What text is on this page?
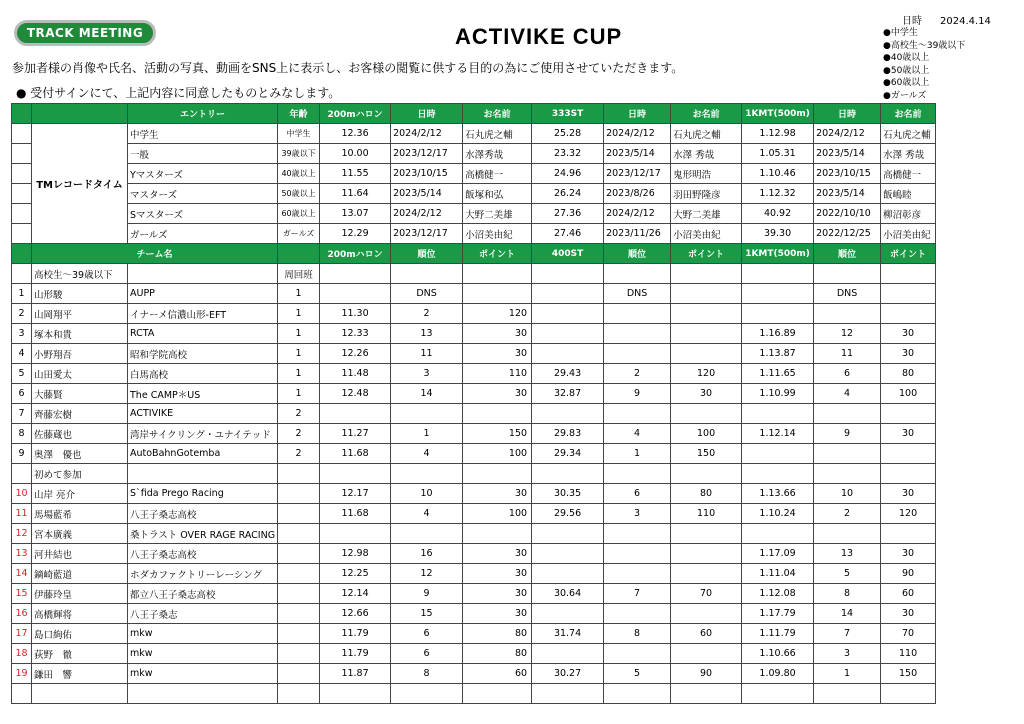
TRACK MEETING	ACTIVIKE CUP
参加者様の肖像や氏名、活動の写真、動画をSNS上に表示し、お客様の閲覧に供する目的の為にご使用させていただきます。
● 受付サインにて、上記内容に同意したものとみなします。
日時 2024.4.14
●中学生
●高校生～39歳以下
●40歳以上
●50歳以上
●60歳以上
●ガールズ
		エントリー	年齢	200mハロン	日時	お名前	333ST	日時	お名前	1KMT(500m)	日時	お名前
	TMレコードタイム	中学生	中学生	12.36	2024/2/12	石丸虎之輔	25.28	2024/2/12	石丸虎之輔	1.12.98	2024/2/12	石丸虎之輔
		一般	39歳以下	10.00	2023/12/17	水澤秀哉	23.32	2023/5/14	水澤 秀哉	1.05.31	2023/5/14	水澤 秀哉
		Yマスターズ	40歳以上	11.55	2023/10/15	高橋健一	24.96	2023/12/17	鬼形明浩	1.10.46	2023/10/15	高橋健一
		マスターズ	50歳以上	11.64	2023/5/14	飯塚和弘	26.24	2023/8/26	羽田野隆彦	1.12.32	2023/5/14	飯嶋睦
		Sマスターズ	60歳以上	13.07	2024/2/12	大野二美雄	27.36	2024/2/12	大野二美雄	40.92	2022/10/10	柳沼彰彦
		ガールズ	ガールズ	12.29	2023/12/17	小沼美由紀	27.46	2023/11/26	小沼美由紀	39.30	2022/12/25	小沼美由紀
	チーム名			200mハロン	順位	ポイント	400ST	順位	ポイント	1KMT(500m)	順位	ポイント
	高校生～39歳以下		周回班									
1	山形駿	AUPP	1		DNS			DNS			DNS	
2	山岡翔平	イナーメ信濃山形-EFT	1	11.30	2	120						
3	塚本和貴	RCTA	1	12.33	13	30				1.16.89	12	30
4	小野翔吾	昭和学院高校	1	12.26	11	30				1.13.87	11	30
5	山田愛太	白馬高校	1	11.48	3	110	29.43	2	120	1.11.65	6	80
6	大藤賢	The CAMP＊US	1	12.48	14	30	32.87	9	30	1.10.99	4	100
7	齊藤宏樹	ACTIVIKE	2									
8	佐藤蔵也	湾岸サイクリング・ユナイテッド	2	11.27	1	150	29.83	4	100	1.12.14	9	30
9	奥澤　優也	AutoBahnGotemba	2	11.68	4	100	29.34	1	150			
	初めて参加											
10	山岸 亮介	S`fida Prego Racing		12.17	10	30	30.35	6	80	1.13.66	10	30
11	馬場藍希	八王子桑志高校		11.68	4	100	29.56	3	110	1.10.24	2	120
12	宮本廣義	桑トラスト OVER RAGE RACING										
13	河井結也	八王子桑志高校		12.98	16	30				1.17.09	13	30
14	鏑崎藍道	ホダカファクトリーレーシング		12.25	12	30				1.11.04	5	90
15	伊藤玲皇	都立八王子桑志高校		12.14	9	30	30.64	7	70	1.12.08	8	60
16	高橋輝将	八王子桑志		12.66	15	30				1.17.79	14	30
17	島口絢佑	mkw		11.79	6	80	31.74	8	60	1.11.79	7	70
18	荻野　徹	mkw		11.79	6	80				1.10.66	3	110
19	鎌田　響	mkw		11.87	8	60	30.27	5	90	1.09.80	1	150
